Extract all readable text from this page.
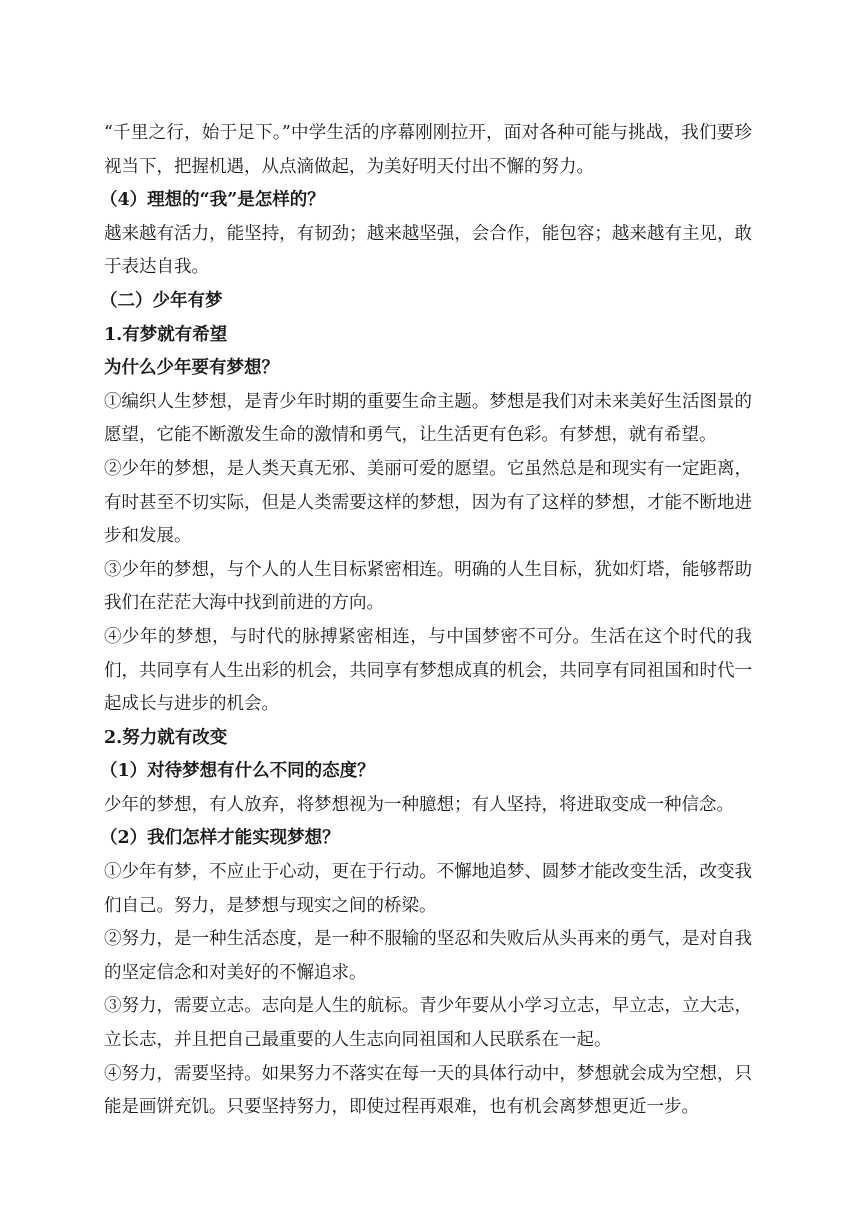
“千里之行，始于足下。”中学生活的序幕刚刚拉开，面对各种可能与挑战，我们要珍视当下，把握机遇，从点滴做起，为美好明天付出不懈的努力。

（4）理想的“我”是怎样的？

越来越有活力，能坚持，有韧劲；越来越坚强，会合作，能包容；越来越有主见，敢于表达自我。

（二）少年有梦

1.有梦就有希望

为什么少年要有梦想？

①编织人生梦想，是青少年时期的重要生命主题。梦想是我们对未来美好生活图景的愿望，它能不断激发生命的激情和勇气，让生活更有色彩。有梦想，就有希望。

②少年的梦想，是人类天真无邪、美丽可爱的愿望。它虽然总是和现实有一定距离，有时甚至不切实际，但是人类需要这样的梦想，因为有了这样的梦想，才能不断地进步和发展。

③少年的梦想，与个人的人生目标紧密相连。明确的人生目标，犹如灯塔，能够帮助我们在茫茫大海中找到前进的方向。

④少年的梦想，与时代的脉搏紧密相连，与中国梦密不可分。生活在这个时代的我们，共同享有人生出彩的机会，共同享有梦想成真的机会，共同享有同祖国和时代一起成长与进步的机会。

2.努力就有改变

（1）对待梦想有什么不同的态度？

少年的梦想，有人放弃，将梦想视为一种臆想；有人坚持，将进取变成一种信念。

（2）我们怎样才能实现梦想？

①少年有梦，不应止于心动，更在于行动。不懈地追梦、圆梦才能改变生活，改变我们自己。努力，是梦想与现实之间的桥梁。

②努力，是一种生活态度，是一种不服输的坚忍和失败后从头再来的勇气，是对自我的坚定信念和对美好的不懈追求。

③努力，需要立志。志向是人生的航标。青少年要从小学习立志，早立志，立大志，立长志，并且把自己最重要的人生志向同祖国和人民联系在一起。

④努力，需要坚持。如果努力不落实在每一天的具体行动中，梦想就会成为空想，只能是画饼充饥。只要坚持努力，即使过程再艰难，也有机会离梦想更近一步。
